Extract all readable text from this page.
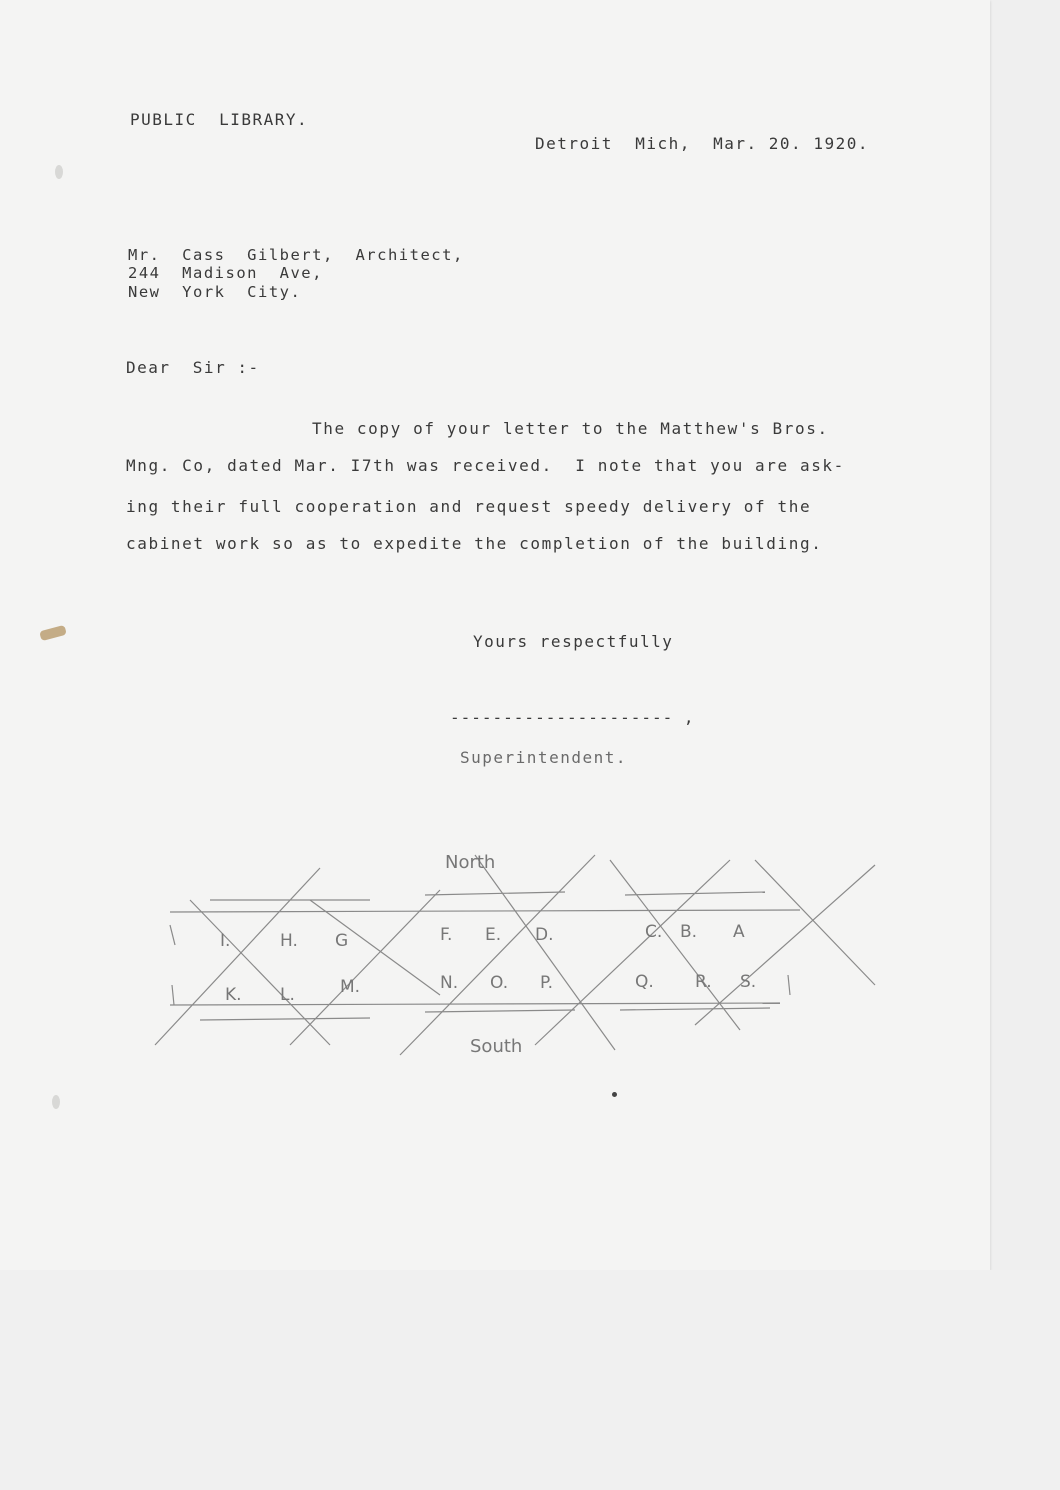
PUBLIC  LIBRARY.
Detroit  Mich,  Mar. 20. 1920.
Mr.  Cass  Gilbert,  Architect,
244  Madison  Ave,
New  York  City.
Dear  Sir :-
The copy of your letter to the Matthew's Bros.
Mng. Co, dated Mar. I7th was received.  I note that you are ask-
ing their full cooperation and request speedy delivery of the
cabinet work so as to expedite the completion of the building.
Yours respectfully
--------------------- ,
Superintendent.
North
South
I.	H. G	F. E. D.	C. B. A
K. L.	M.	N. O. P.	Q. R. S.
